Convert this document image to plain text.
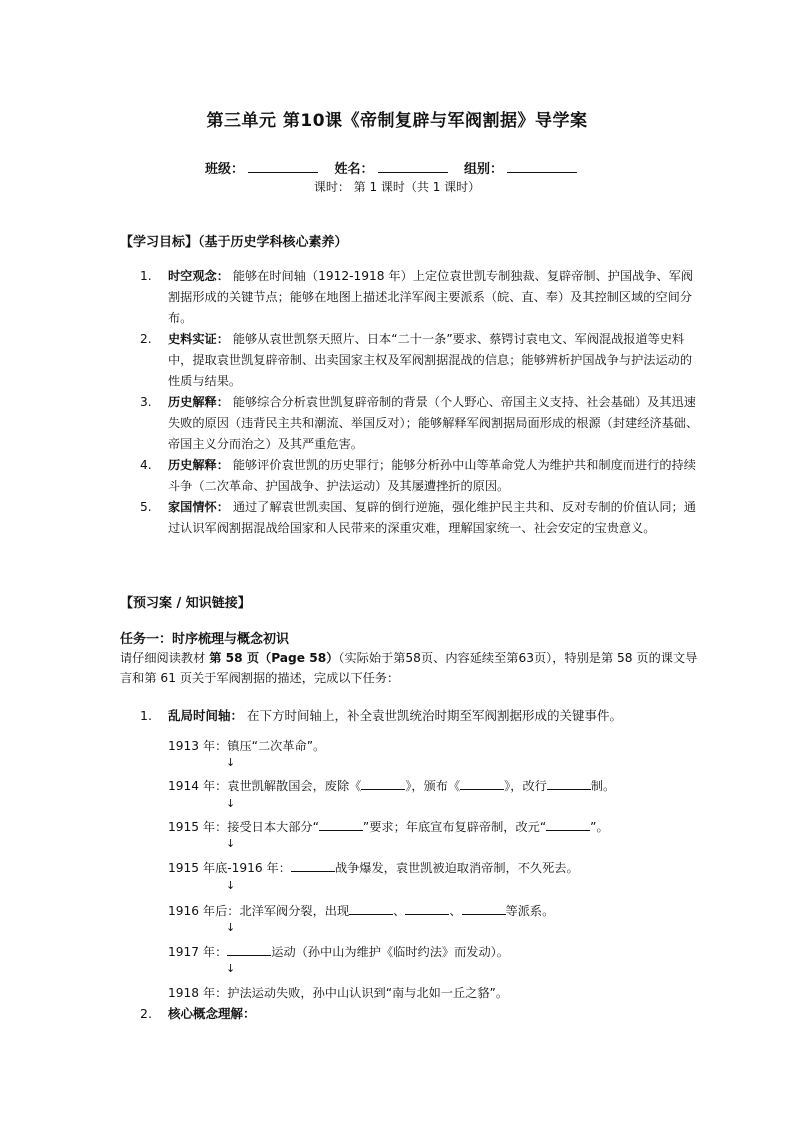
第三单元 第10课《帝制复辟与军阀割据》导学案
班级：	姓名：	组别：
课时： 第 1 课时（共 1 课时）
【学习目标】（基于历史学科核心素养）
1. 时空观念： 能够在时间轴（1912-1918 年）上定位袁世凯专制独裁、复辟帝制、护国战争、军阀割据形成的关键节点；能够在地图上描述北洋军阀主要派系（皖、直、奉）及其控制区域的空间分布。
2. 史料实证： 能够从袁世凯祭天照片、日本“二十一条”要求、蔡锷讨袁电文、军阀混战报道等史料中，提取袁世凯复辟帝制、出卖国家主权及军阀割据混战的信息；能够辨析护国战争与护法运动的性质与结果。
3. 历史解释： 能够综合分析袁世凯复辟帝制的背景（个人野心、帝国主义支持、社会基础）及其迅速失败的原因（违背民主共和潮流、举国反对）；能够解释军阀割据局面形成的根源（封建经济基础、帝国主义分而治之）及其严重危害。
4. 历史解释： 能够评价袁世凯的历史罪行；能够分析孙中山等革命党人为维护共和制度而进行的持续斗争（二次革命、护国战争、护法运动）及其屡遭挫折的原因。
5. 家国情怀： 通过了解袁世凯卖国、复辟的倒行逆施，强化维护民主共和、反对专制的价值认同；通过认识军阀割据混战给国家和人民带来的深重灾难，理解国家统一、社会安定的宝贵意义。
【预习案 / 知识链接】
任务一：时序梳理与概念初识
请仔细阅读教材 第 58 页（Page 58）（实际始于第58页、内容延续至第63页），特别是第 58 页的课文导言和第 61 页关于军阀割据的描述，完成以下任务：
1. 乱局时间轴： 在下方时间轴上，补全袁世凯统治时期至军阀割据形成的关键事件。
1913 年：镇压“二次革命”。
↓
1914 年：袁世凯解散国会，废除《	》，颁布《	》，改行	制。
↓
1915 年：接受日本大部分“	”要求；年底宣布复辟帝制，改元“	”。
↓
1915 年底-1916 年：	战争爆发，袁世凯被迫取消帝制，不久死去。
↓
1916 年后：北洋军阀分裂，出现	、	、	等派系。
↓
1917 年：	运动（孙中山为维护《临时约法》而发动）。
↓
1918 年：护法运动失败，孙中山认识到“南与北如一丘之貉”。
2. 核心概念理解：
